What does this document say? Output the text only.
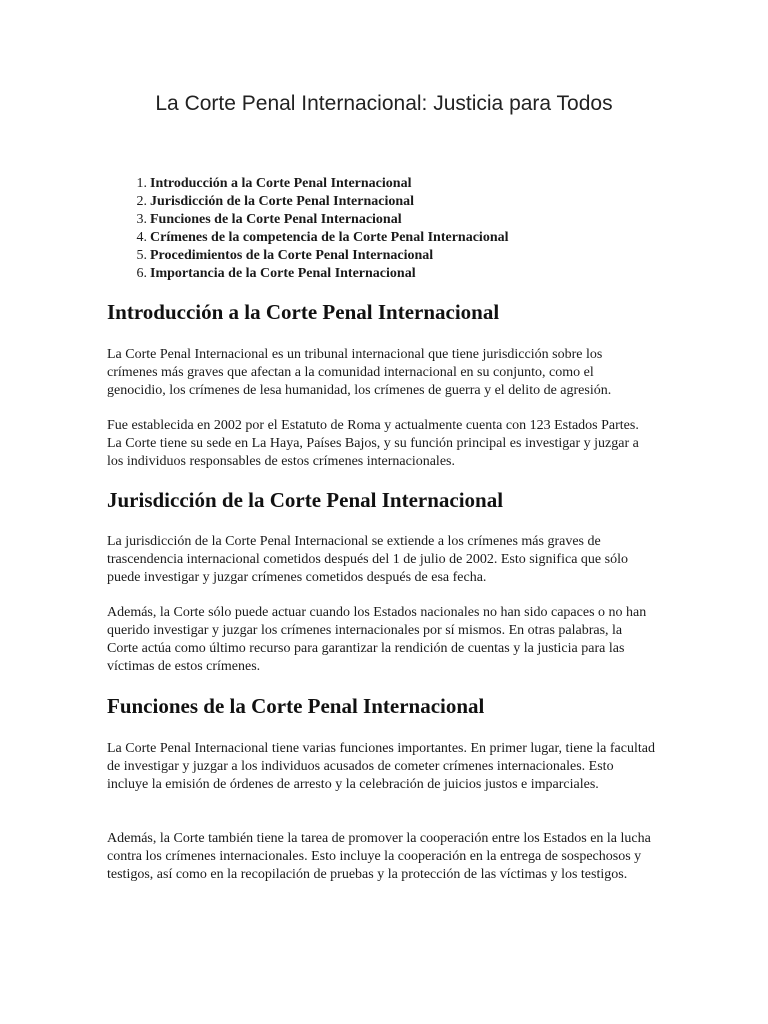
La Corte Penal Internacional: Justicia para Todos
1. Introducción a la Corte Penal Internacional
2. Jurisdicción de la Corte Penal Internacional
3. Funciones de la Corte Penal Internacional
4. Crímenes de la competencia de la Corte Penal Internacional
5. Procedimientos de la Corte Penal Internacional
6. Importancia de la Corte Penal Internacional
Introducción a la Corte Penal Internacional

La Corte Penal Internacional es un tribunal internacional que tiene jurisdicción sobre los crímenes más graves que afectan a la comunidad internacional en su conjunto, como el genocidio, los crímenes de lesa humanidad, los crímenes de guerra y el delito de agresión.

Fue establecida en 2002 por el Estatuto de Roma y actualmente cuenta con 123 Estados Partes. La Corte tiene su sede en La Haya, Países Bajos, y su función principal es investigar y juzgar a los individuos responsables de estos crímenes internacionales.

Jurisdicción de la Corte Penal Internacional

La jurisdicción de la Corte Penal Internacional se extiende a los crímenes más graves de trascendencia internacional cometidos después del 1 de julio de 2002. Esto significa que sólo puede investigar y juzgar crímenes cometidos después de esa fecha.

Además, la Corte sólo puede actuar cuando los Estados nacionales no han sido capaces o no han querido investigar y juzgar los crímenes internacionales por sí mismos. En otras palabras, la Corte actúa como último recurso para garantizar la rendición de cuentas y la justicia para las víctimas de estos crímenes.

Funciones de la Corte Penal Internacional

La Corte Penal Internacional tiene varias funciones importantes. En primer lugar, tiene la facultad de investigar y juzgar a los individuos acusados de cometer crímenes internacionales. Esto incluye la emisión de órdenes de arresto y la celebración de juicios justos e imparciales.

Además, la Corte también tiene la tarea de promover la cooperación entre los Estados en la lucha contra los crímenes internacionales. Esto incluye la cooperación en la entrega de sospechosos y testigos, así como en la recopilación de pruebas y la protección de las víctimas y los testigos.
